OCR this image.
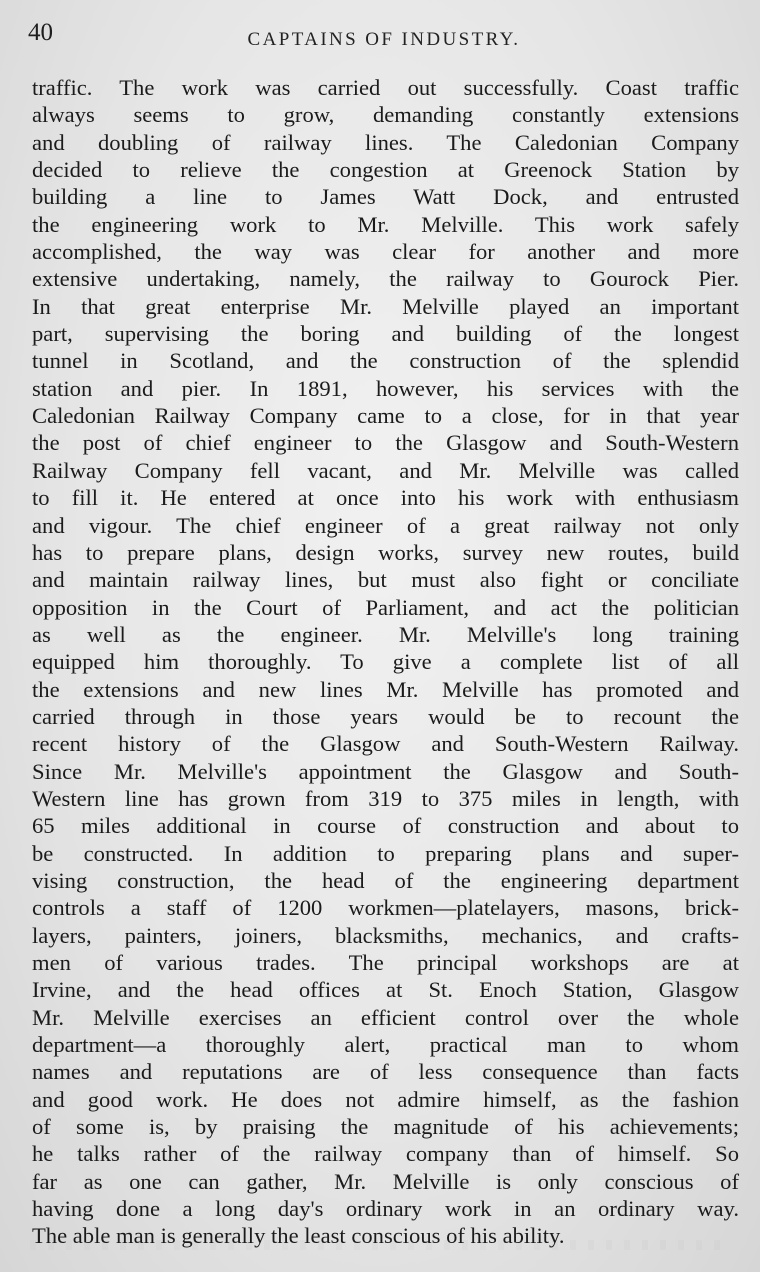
40	CAPTAINS OF INDUSTRY.
traffic. The work was carried out successfully. Coast traffic
always seems to grow, demanding constantly extensions
and doubling of railway lines. The Caledonian Company
decided to relieve the congestion at Greenock Station by
building a line to James Watt Dock, and entrusted
the engineering work to Mr. Melville. This work safely
accomplished, the way was clear for another and more
extensive undertaking, namely, the railway to Gourock Pier.
In that great enterprise Mr. Melville played an important
part, supervising the boring and building of the longest
tunnel in Scotland, and the construction of the splendid
station and pier. In 1891, however, his services with the
Caledonian Railway Company came to a close, for in that year
the post of chief engineer to the Glasgow and South-Western
Railway Company fell vacant, and Mr. Melville was called
to fill it. He entered at once into his work with enthusiasm
and vigour. The chief engineer of a great railway not only
has to prepare plans, design works, survey new routes, build
and maintain railway lines, but must also fight or conciliate
opposition in the Court of Parliament, and act the politician
as well as the engineer. Mr. Melville's long training
equipped him thoroughly. To give a complete list of all
the extensions and new lines Mr. Melville has promoted and
carried through in those years would be to recount the
recent history of the Glasgow and South-Western Railway.
Since Mr. Melville's appointment the Glasgow and South-
Western line has grown from 319 to 375 miles in length, with
65 miles additional in course of construction and about to
be constructed. In addition to preparing plans and super-
vising construction, the head of the engineering department
controls a staff of 1200 workmen—platelayers, masons, brick-
layers, painters, joiners, blacksmiths, mechanics, and crafts-
men of various trades. The principal workshops are at
Irvine, and the head offices at St. Enoch Station, Glasgow
Mr. Melville exercises an efficient control over the whole
department—a thoroughly alert, practical man to whom
names and reputations are of less consequence than facts
and good work. He does not admire himself, as the fashion
of some is, by praising the magnitude of his achievements;
he talks rather of the railway company than of himself. So
far as one can gather, Mr. Melville is only conscious of
having done a long day's ordinary work in an ordinary way.
The able man is generally the least conscious of his ability.
